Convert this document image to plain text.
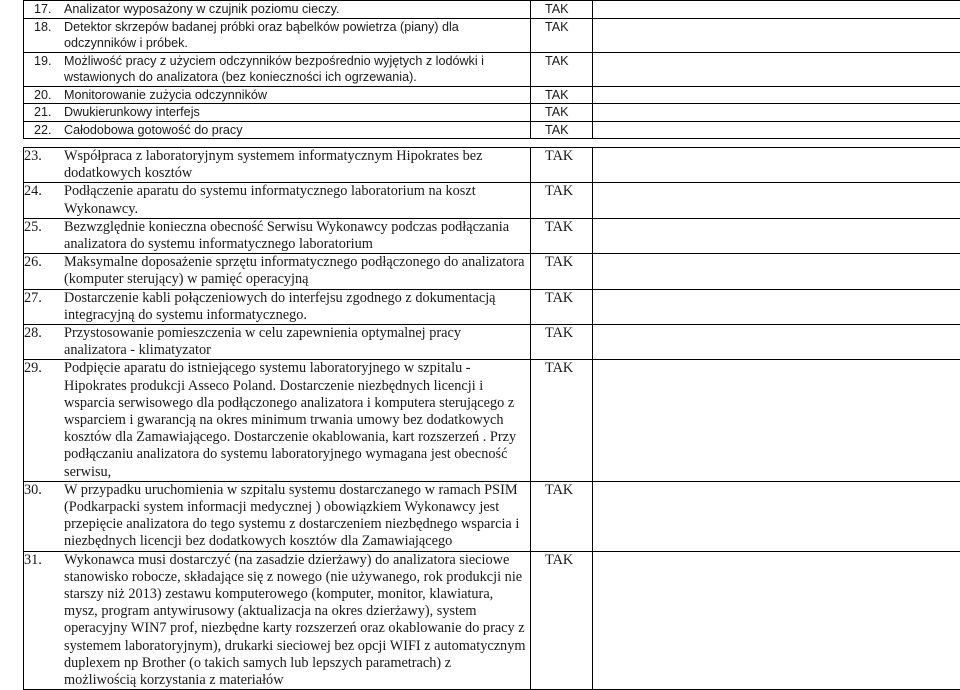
17. Analizator wyposażony w czujnik poziomu cieczy.	TAK	

18. Detektor skrzepów badanej próbki oraz bąbelków powietrza (piany) dla odczynników i próbek.	TAK	

19. Możliwość pracy z użyciem odczynników bezpośrednio wyjętych z lodówki i wstawionych do analizatora (bez konieczności ich ogrzewania).	TAK	

20. Monitorowanie zużycia odczynników	TAK	

21. Dwukierunkowy interfejs	TAK	

22. Całodobowa gotowość do pracy	TAK	
23. Współpraca z laboratoryjnym systemem informatycznym Hipokrates bez dodatkowych kosztów	TAK	

24. Podłączenie aparatu do systemu informatycznego laboratorium na koszt Wykonawcy.	TAK	

25. Bezwzględnie konieczna obecność Serwisu Wykonawcy podczas podłączania analizatora do systemu informatycznego laboratorium	TAK	

26. Maksymalne doposażenie sprzętu informatycznego podłączonego do analizatora (komputer sterujący) w pamięć operacyjną	TAK	

27. Dostarczenie kabli połączeniowych do interfejsu zgodnego z dokumentacją integracyjną do systemu informatycznego.	TAK	

28. Przystosowanie pomieszczenia w celu zapewnienia optymalnej pracy analizatora - klimatyzator	TAK	

29. Podpięcie aparatu do istniejącego systemu laboratoryjnego w szpitalu - Hipokrates produkcji Asseco Poland. Dostarczenie niezbędnych licencji i wsparcia serwisowego dla podłączonego analizatora i komputera sterującego z wsparciem i gwarancją na okres minimum trwania umowy bez dodatkowych kosztów dla Zamawiającego. Dostarczenie okablowania, kart rozszerzeń . Przy podłączaniu analizatora do systemu laboratoryjnego wymagana jest obecność serwisu,	TAK	

30. W przypadku uruchomienia w szpitalu systemu dostarczanego w ramach PSIM (Podkarpacki system informacji medycznej ) obowiązkiem Wykonawcy jest przepięcie analizatora do tego systemu z dostarczeniem niezbędnego wsparcia i niezbędnych licencji bez dodatkowych kosztów dla Zamawiającego	TAK	

31. Wykonawca musi dostarczyć (na zasadzie dzierżawy) do analizatora sieciowe stanowisko robocze, składające się z nowego (nie używanego, rok produkcji nie starszy niż 2013) zestawu komputerowego (komputer, monitor, klawiatura, mysz, program antywirusowy (aktualizacja na okres dzierżawy), system operacyjny WIN7 prof, niezbędne karty rozszerzeń oraz okablowanie do pracy z systemem laboratoryjnym), drukarki sieciowej bez opcji WIFI z automatycznym duplexem np Brother (o takich samych lub lepszych parametrach) z możliwością korzystania z materiałów	TAK	
